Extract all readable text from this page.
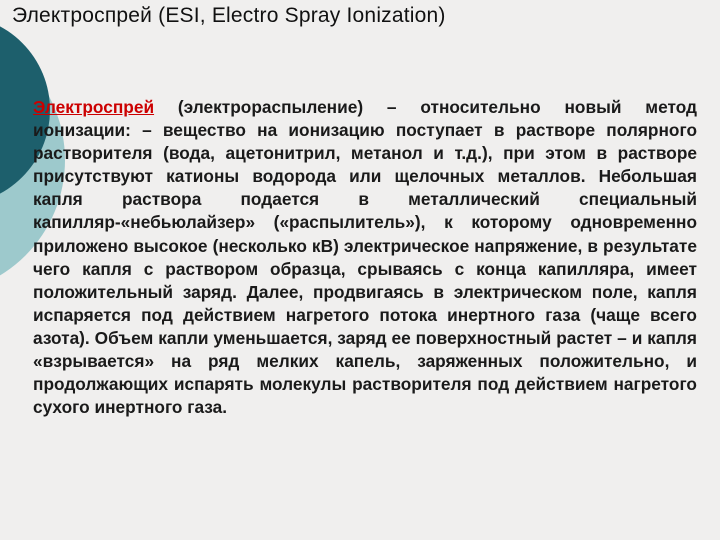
Электроспрей (ESI, Electro Spray Ionization)

Электроспрей (электрораспыление) – относительно новый метод ионизации: – вещество на ионизацию поступает в растворе полярного растворителя (вода, ацетонитрил, метанол и т.д.), при этом в растворе присутствуют катионы водорода или щелочных металлов. Небольшая капля раствора подается в металлический специальный капилляр-«небьюлайзер» («распылитель»), к которому одновременно приложено высокое (несколько кВ) электрическое напряжение, в результате чего капля с раствором образца, срываясь с конца капилляра, имеет положительный заряд. Далее, продвигаясь в электрическом поле, капля испаряется под действием нагретого потока инертного газа (чаще всего азота). Объем капли уменьшается, заряд ее поверхностный растет – и капля «взрывается» на ряд мелких капель, заряженных положительно, и продолжающих испарять молекулы растворителя под действием нагретого сухого инертного газа.
